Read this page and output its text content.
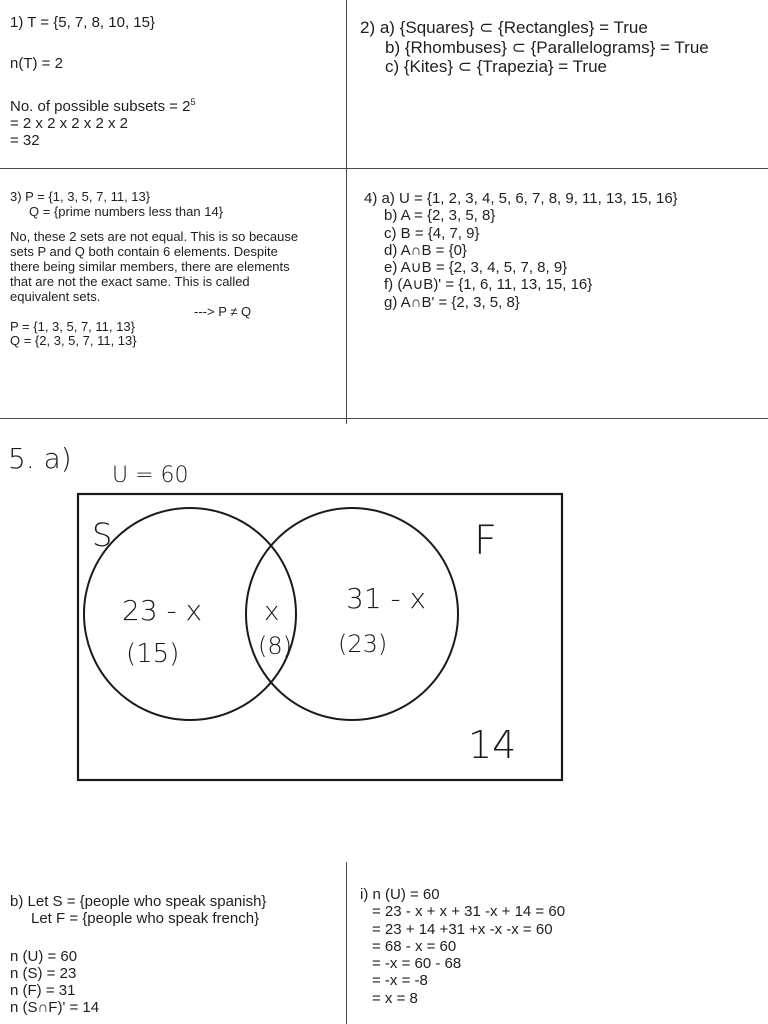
1) T = {5, 7, 8, 10, 15}
n(T) = 2
No. of possible subsets = $2^5$
= 2 x 2 x 2 x 2 x 2
= 32
2) a) {Squares} ⊂ {Rectangles} = True
b) {Rhombuses} ⊂ {Parallelograms} = True
c) {Kites} ⊂ {Trapezia} = True
3) P = {1, 3, 5, 7, 11, 13}
Q = {prime numbers less than 14}
No, these 2 sets are not equal. This is so because
sets P and Q both contain 6 elements. Despite
there being similar members, there are elements
that are not the exact same. This is called
equivalent sets.
---> P ≠ Q
P = {1, 3, 5, 7, 11, 13}
Q = {2, 3, 5, 7, 11, 13}
4) a) U = {1, 2, 3, 4, 5, 6, 7, 8, 9, 11, 13, 15, 16}
b) A = {2, 3, 5, 8}
c) B = {4, 7, 9}
d) A∩B = {0}
e) A∪B = {2, 3, 4, 5, 7, 8, 9}
f) (A∪B)' = {1, 6, 11, 13, 15, 16}
g) A∩B' = {2, 3, 5, 8}
5. a)
U = 60
S	F
23 - x
(15)
x
(8)
31 - x
(23)
14
b) Let S = {people who speak spanish}
Let F = {people who speak french}
n (U) = 60
n (S) = 23
n (F) = 31
n (S∩F)' = 14
i) n (U) = 60
= 23 - x + x + 31 -x + 14 = 60
= 23 + 14 +31 +x -x -x = 60
= 68 - x = 60
= -x = 60 - 68
= -x = -8
= x = 8
